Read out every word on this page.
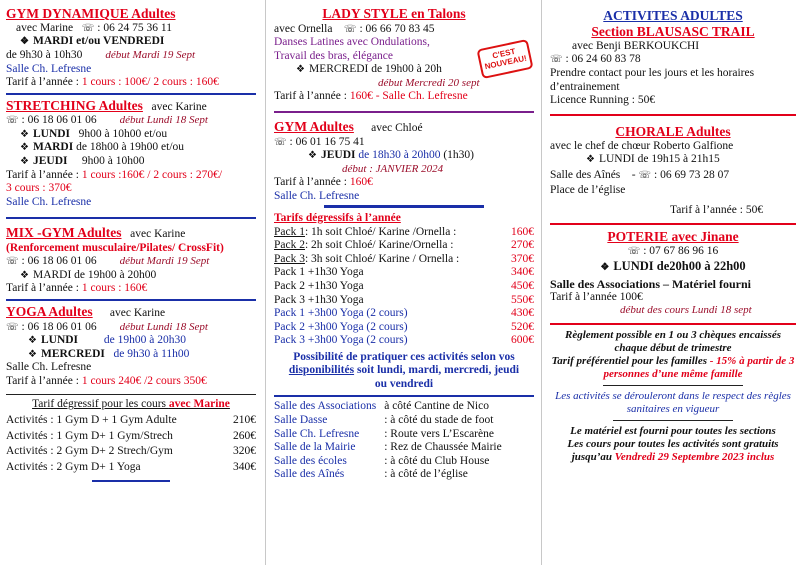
GYM DYNAMIQUE Adultes
avec Marine ☏ : 06 24 75 36 11
❖ MARDI et/ou VENDREDI
de 9h30 à 10h30 début Mardi 19 Sept
Salle Ch. Lefresne
Tarif à l’année : 1 cours : 100€/ 2 cours : 160€
STRETCHING Adultes avec Karine
☏ : 06 18 06 01 06 début Lundi 18 Sept
❖ LUNDI 9h00 à 10h00 et/ou
❖ MARDI de 18h00 à 19h00 et/ou
❖ JEUDI 9h00 à 10h00
Tarif à l’année : 1 cours :160€ / 2 cours : 270€/
3 cours : 370€
Salle Ch. Lefresne
MIX -GYM Adultes avec Karine
(Renforcement musculaire/Pilates/ CrossFit)
☏ : 06 18 06 01 06 début Mardi 19 Sept
❖ MARDI de 19h00 à 20h00
Tarif à l’année : 1 cours : 160€
YOGA Adultes avec Karine
☏ : 06 18 06 01 06 début Lundi 18 Sept
❖ LUNDI de 19h00 à 20h30
❖ MERCREDI de 9h30 à 11h00
Salle Ch. Lefresne
Tarif à l’année : 1 cours 240€ /2 cours 350€
Tarif dégressif pour les cours avec Marine
Activités : 1 Gym D + 1 Gym Adulte	210€
Activités : 1 Gym D+ 1 Gym/Strech	260€
Activités : 2 Gym D+ 2 Strech/Gym	320€
Activités : 2 Gym D+ 1 Yoga	340€
LADY STYLE en Talons
avec Ornella ☏ : 06 66 70 83 45
Danses Latines avec Ondulations,
Travail des bras, élégance
❖ MERCREDI de 19h00 à 20h
début Mercredi 20 sept
Tarif à l’année : 160€ - Salle Ch. Lefresne
GYM Adultes avec Chloé
☏ : 06 01 16 75 41
❖ JEUDI de 18h30 à 20h00 (1h30)
début : JANVIER 2024
Tarif à l’année : 160€
Salle Ch. Lefresne
Tarifs dégressifs à l’année
Pack 1: 1h soit Chloé/ Karine /Ornella :	160€
Pack 2: 2h soit Chloé/ Karine/Ornella :	270€
Pack 3: 3h soit Chloé/ Karine / Ornella :	370€
Pack 1 +1h30 Yoga	340€
Pack 2 +1h30 Yoga	450€
Pack 3 +1h30 Yoga	550€
Pack 1 +3h00 Yoga (2 cours)	430€
Pack 2 +3h00 Yoga (2 cours)	520€
Pack 3 +3h00 Yoga (2 cours)	600€
Possibilité de pratiquer ces activités selon vos
disponibilités soit lundi, mardi, mercredi, jeudi
ou vendredi
Salle des Associations	à côté Cantine de Nico
Salle Dasse	: à côté du stade de foot
Salle Ch. Lefresne	: Route vers L’Escarène
Salle de la Mairie	: Rez de Chaussée Mairie
Salle des écoles	: à côté du Club House
Salle des Aînés	: à côté de l’église
ACTIVITES ADULTES
Section BLAUSASC TRAIL
avec Benji BERKOUKCHI
☏ : 06 24 60 83 78
Prendre contact pour les jours et les horaires d’entrainement
Licence Running : 50€
CHORALE Adultes
avec le chef de chœur Roberto Galfione
❖ LUNDI de 19h15 à 21h15
Salle des Aînés    - ☏ : 06 69 73 28 07
Place de l’église
Tarif à l’année : 50€
POTERIE avec Jinane
☏ : 07 67 86 96 16
❖ LUNDI de20h00 à 22h00
Salle des Associations – Matériel fourni
Tarif à l’année 100€
début des cours Lundi 18 sept
Règlement possible en 1 ou 3 chèques encaissés chaque début de trimestre
Tarif préférentiel pour les familles - 15% à partir de 3 personnes d’une même famille
Les activités se dérouleront dans le respect des règles sanitaires en vigueur
Le matériel est fourni pour toutes les sections
Les cours pour toutes les activités sont gratuits
jusqu’au Vendredi 29 Septembre 2023 inclus
C'EST NOUVEAU!
